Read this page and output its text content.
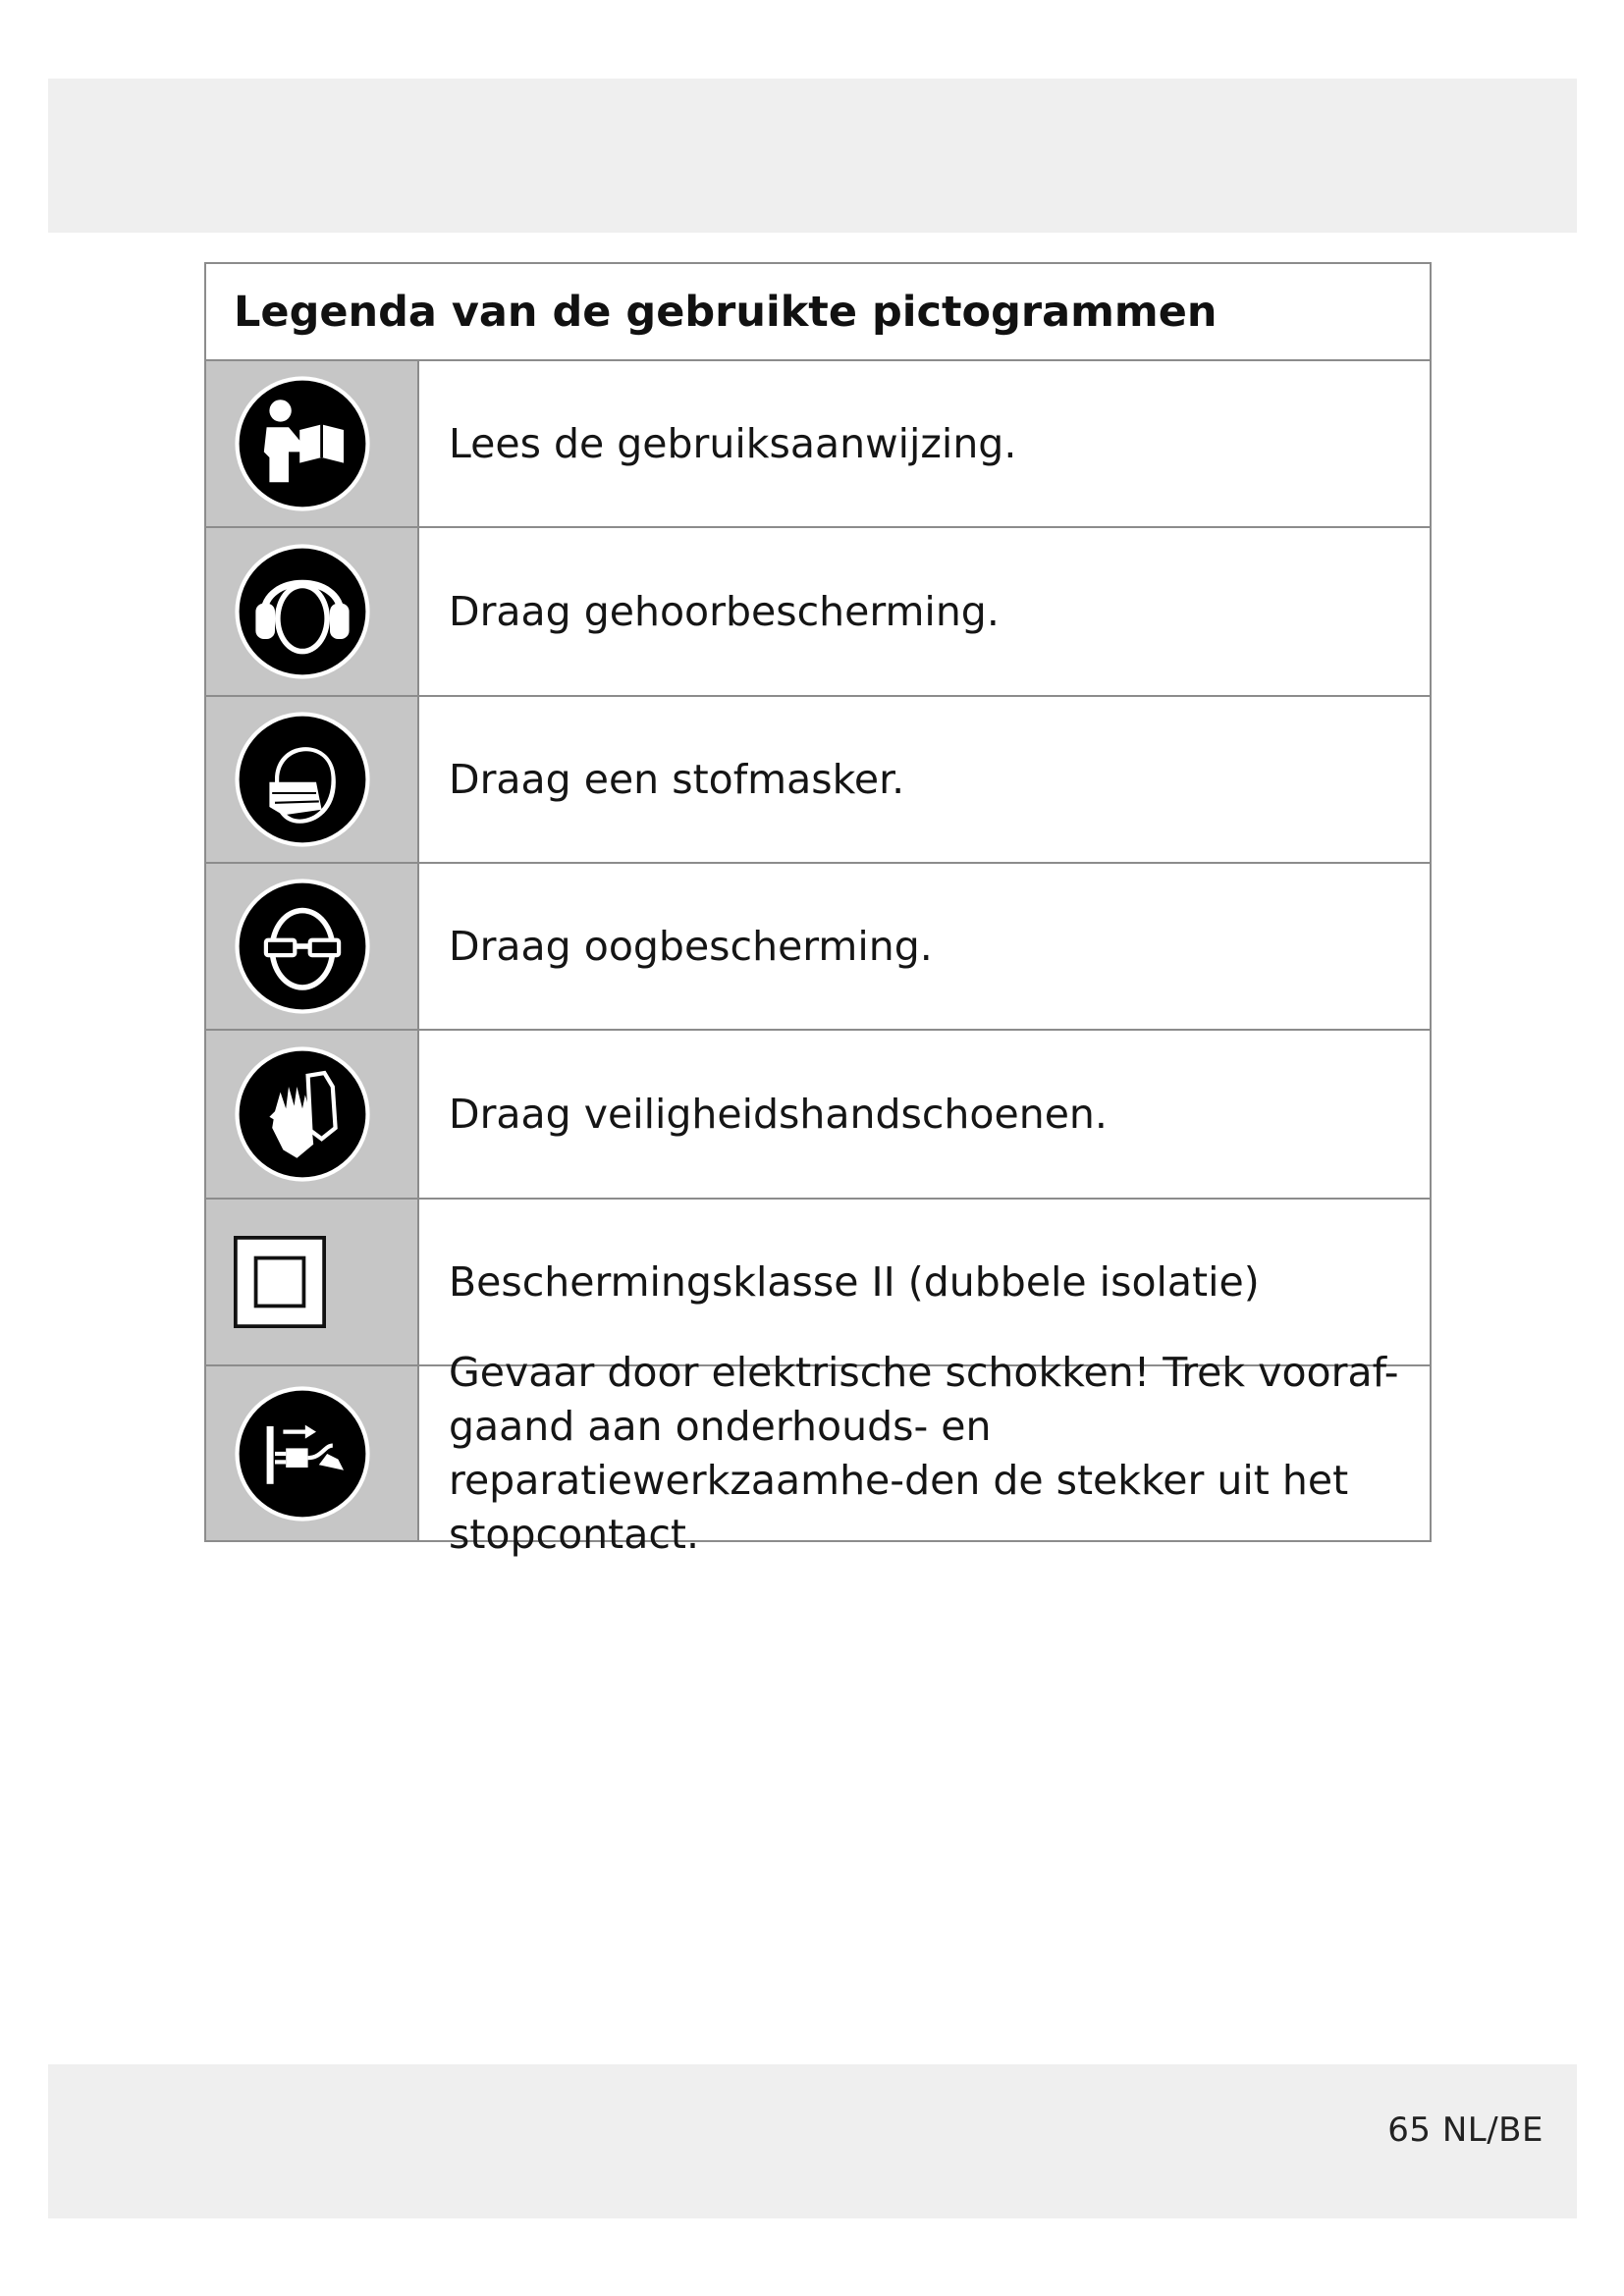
Legenda van de gebruikte pictogrammen
Lees de gebruiksaanwijzing.
Draag gehoorbescherming.
Draag een stofmasker.
Draag oogbescherming.
Draag veiligheidshandschoenen.
Beschermingsklasse II (dubbele isolatie)
Gevaar door elektrische schokken! Trek vooraf-gaand aan onderhouds- en reparatiewerkzaamhe-den de stekker uit het stopcontact.
65 NL/BE
